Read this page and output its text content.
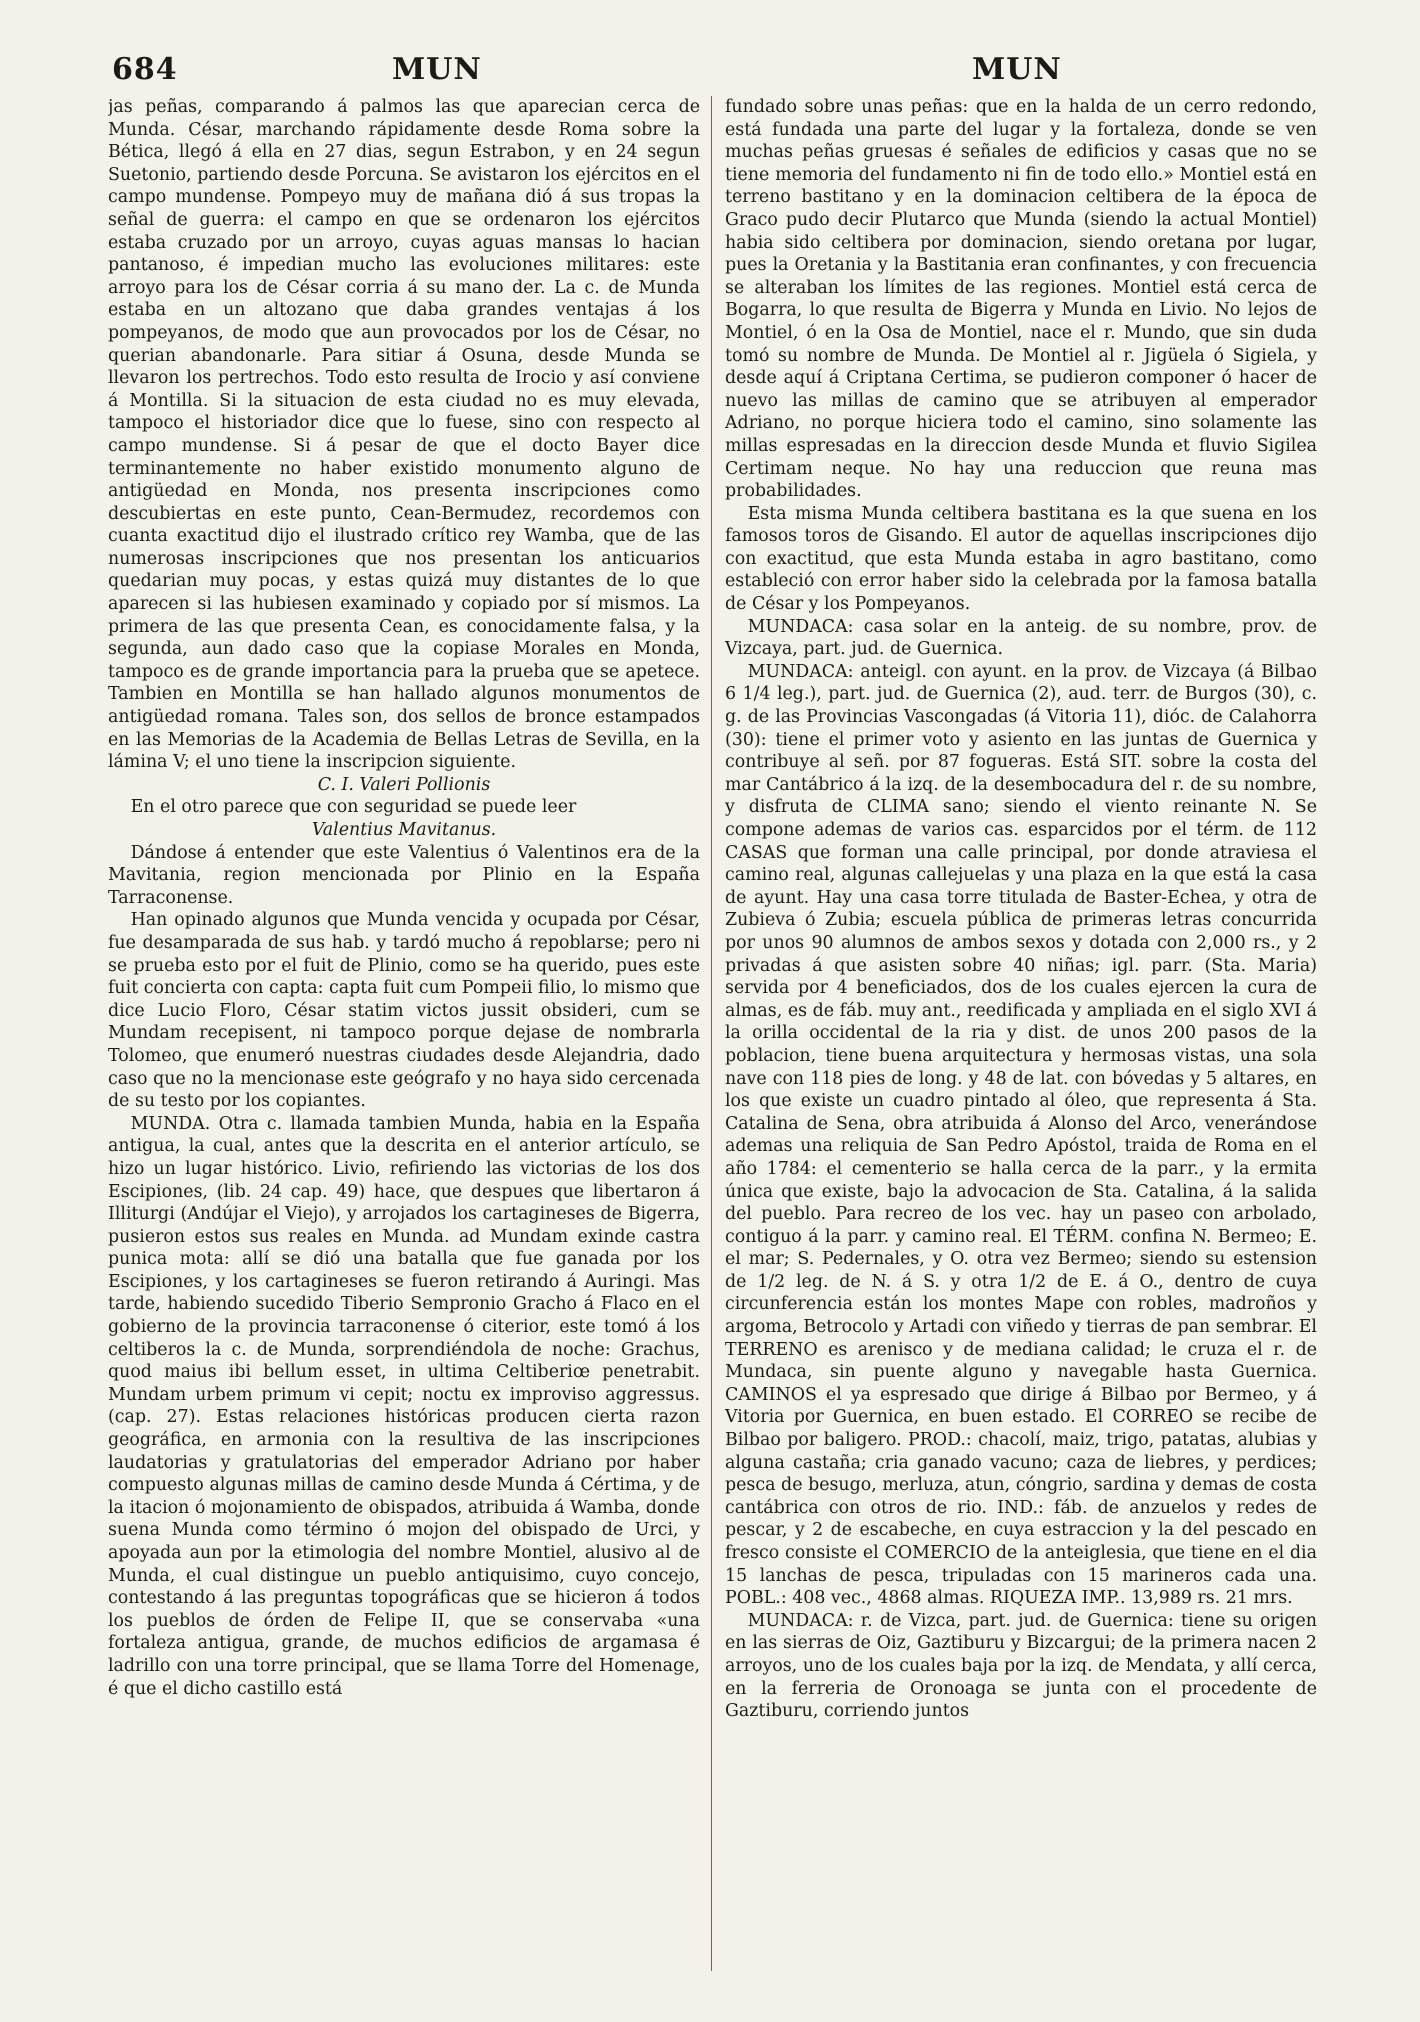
684	MUN	MUN

jas peñas, comparando á palmos las que aparecian cerca de Munda. César, marchando rápidamente desde Roma sobre la Bética, llegó á ella en 27 dias, segun Estrabon, y en 24 segun Suetonio, partiendo desde Porcuna. Se avistaron los ejércitos en el campo mundense. Pompeyo muy de mañana dió á sus tropas la señal de guerra: el campo en que se ordenaron los ejércitos estaba cruzado por un arroyo, cuyas aguas mansas lo hacian pantanoso, é impedian mucho las evoluciones militares: este arroyo para los de César corria á su mano der. La c. de Munda estaba en un altozano que daba grandes ventajas á los pompeyanos, de modo que aun provocados por los de César, no querian abandonarle. Para sitiar á Osuna, desde Munda se llevaron los pertrechos. Todo esto resulta de Irocio y así conviene á Montilla. Si la situacion de esta ciudad no es muy elevada, tampoco el historiador dice que lo fuese, sino con respecto al campo mundense. Si á pesar de que el docto Bayer dice terminantemente no haber existido monumento alguno de antigüedad en Monda, nos presenta inscripciones como descubiertas en este punto, Cean-Bermudez, recordemos con cuanta exactitud dijo el ilustrado crítico rey Wamba, que de las numerosas inscripciones que nos presentan los anticuarios quedarian muy pocas, y estas quizá muy distantes de lo que aparecen si las hubiesen examinado y copiado por sí mismos. La primera de las que presenta Cean, es conocidamente falsa, y la segunda, aun dado caso que la copiase Morales en Monda, tampoco es de grande importancia para la prueba que se apetece. Tambien en Montilla se han hallado algunos monumentos de antigüedad romana. Tales son, dos sellos de bronce estampados en las Memorias de la Academia de Bellas Letras de Sevilla, en la lámina V; el uno tiene la inscripcion siguiente.

C. I. Valeri Pollionis

En el otro parece que con seguridad se puede leer

Valentius Mavitanus.

Dándose á entender que este Valentius ó Valentinos era de la Mavitania, region mencionada por Plinio en la España Tarraconense.

Han opinado algunos que Munda vencida y ocupada por César, fue desamparada de sus hab. y tardó mucho á repoblarse; pero ni se prueba esto por el fuit de Plinio, como se ha querido, pues este fuit concierta con capta: capta fuit cum Pompeii filio, lo mismo que dice Lucio Floro, César statim victos jussit obsideri, cum se Mundam recepisent, ni tampoco porque dejase de nombrarla Tolomeo, que enumeró nuestras ciudades desde Alejandria, dado caso que no la mencionase este geógrafo y no haya sido cercenada de su testo por los copiantes.

MUNDA. Otra c. llamada tambien Munda, habia en la España antigua, la cual, antes que la descrita en el anterior artículo, se hizo un lugar histórico. Livio, refiriendo las victorias de los dos Escipiones, (lib. 24 cap. 49) hace, que despues que libertaron á Illiturgi (Andújar el Viejo), y arrojados los cartagineses de Bigerra, pusieron estos sus reales en Munda. ad Mundam exinde castra punica mota: allí se dió una batalla que fue ganada por los Escipiones, y los cartagineses se fueron retirando á Auringi. Mas tarde, habiendo sucedido Tiberio Sempronio Gracho á Flaco en el gobierno de la provincia tarraconense ó citerior, este tomó á los celtiberos la c. de Munda, sorprendiéndola de noche: Grachus, quod maius ibi bellum esset, in ultima Celtiberiœ penetrabit. Mundam urbem primum vi cepit; noctu ex improviso aggressus. (cap. 27). Estas relaciones históricas producen cierta razon geográfica, en armonia con la resultiva de las inscripciones laudatorias y gratulatorias del emperador Adriano por haber compuesto algunas millas de camino desde Munda á Cértima, y de la itacion ó mojonamiento de obispados, atribuida á Wamba, donde suena Munda como término ó mojon del obispado de Urci, y apoyada aun por la etimologia del nombre Montiel, alusivo al de Munda, el cual distingue un pueblo antiquisimo, cuyo concejo, contestando á las preguntas topográficas que se hicieron á todos los pueblos de órden de Felipe II, que se conservaba «una fortaleza antigua, grande, de muchos edificios de argamasa é ladrillo con una torre principal, que se llama Torre del Homenage, é que el dicho castillo está

fundado sobre unas peñas: que en la halda de un cerro redondo, está fundada una parte del lugar y la fortaleza, donde se ven muchas peñas gruesas é señales de edificios y casas que no se tiene memoria del fundamento ni fin de todo ello.» Montiel está en terreno bastitano y en la dominacion celtibera de la época de Graco pudo decir Plutarco que Munda (siendo la actual Montiel) habia sido celtibera por dominacion, siendo oretana por lugar, pues la Oretania y la Bastitania eran confinantes, y con frecuencia se alteraban los límites de las regiones. Montiel está cerca de Bogarra, lo que resulta de Bigerra y Munda en Livio. No lejos de Montiel, ó en la Osa de Montiel, nace el r. Mundo, que sin duda tomó su nombre de Munda. De Montiel al r. Jigüela ó Sigiela, y desde aquí á Criptana Certima, se pudieron componer ó hacer de nuevo las millas de camino que se atribuyen al emperador Adriano, no porque hiciera todo el camino, sino solamente las millas espresadas en la direccion desde Munda et fluvio Sigilea Certimam neque. No hay una reduccion que reuna mas probabilidades.

Esta misma Munda celtibera bastitana es la que suena en los famosos toros de Gisando. El autor de aquellas inscripciones dijo con exactitud, que esta Munda estaba in agro bastitano, como estableció con error haber sido la celebrada por la famosa batalla de César y los Pompeyanos.

MUNDACA: casa solar en la anteig. de su nombre, prov. de Vizcaya, part. jud. de Guernica.

MUNDACA: anteigl. con ayunt. en la prov. de Vizcaya (á Bilbao 6 1/4 leg.), part. jud. de Guernica (2), aud. terr. de Burgos (30), c. g. de las Provincias Vascongadas (á Vitoria 11), dióc. de Calahorra (30): tiene el primer voto y asiento en las juntas de Guernica y contribuye al señ. por 87 fogueras. Está SIT. sobre la costa del mar Cantábrico á la izq. de la desembocadura del r. de su nombre, y disfruta de CLIMA sano; siendo el viento reinante N. Se compone ademas de varios cas. esparcidos por el térm. de 112 CASAS que forman una calle principal, por donde atraviesa el camino real, algunas callejuelas y una plaza en la que está la casa de ayunt. Hay una casa torre titulada de Baster-Echea, y otra de Zubieva ó Zubia; escuela pública de primeras letras concurrida por unos 90 alumnos de ambos sexos y dotada con 2,000 rs., y 2 privadas á que asisten sobre 40 niñas; igl. parr. (Sta. Maria) servida por 4 beneficiados, dos de los cuales ejercen la cura de almas, es de fáb. muy ant., reedificada y ampliada en el siglo XVI á la orilla occidental de la ria y dist. de unos 200 pasos de la poblacion, tiene buena arquitectura y hermosas vistas, una sola nave con 118 pies de long. y 48 de lat. con bóvedas y 5 altares, en los que existe un cuadro pintado al óleo, que representa á Sta. Catalina de Sena, obra atribuida á Alonso del Arco, venerándose ademas una reliquia de San Pedro Apóstol, traida de Roma en el año 1784: el cementerio se halla cerca de la parr., y la ermita única que existe, bajo la advocacion de Sta. Catalina, á la salida del pueblo. Para recreo de los vec. hay un paseo con arbolado, contiguo á la parr. y camino real. El TÉRM. confina N. Bermeo; E. el mar; S. Pedernales, y O. otra vez Bermeo; siendo su estension de 1/2 leg. de N. á S. y otra 1/2 de E. á O., dentro de cuya circunferencia están los montes Mape con robles, madroños y argoma, Betrocolo y Artadi con viñedo y tierras de pan sembrar. El TERRENO es arenisco y de mediana calidad; le cruza el r. de Mundaca, sin puente alguno y navegable hasta Guernica. CAMINOS el ya espresado que dirige á Bilbao por Bermeo, y á Vitoria por Guernica, en buen estado. El CORREO se recibe de Bilbao por baligero. PROD.: chacolí, maiz, trigo, patatas, alubias y alguna castaña; cria ganado vacuno; caza de liebres, y perdices; pesca de besugo, merluza, atun, cóngrio, sardina y demas de costa cantábrica con otros de rio. IND.: fáb. de anzuelos y redes de pescar, y 2 de escabeche, en cuya estraccion y la del pescado en fresco consiste el COMERCIO de la anteiglesia, que tiene en el dia 15 lanchas de pesca, tripuladas con 15 marineros cada una. POBL.: 408 vec., 4868 almas. RIQUEZA IMP.. 13,989 rs. 21 mrs.

MUNDACA: r. de Vizca, part. jud. de Guernica: tiene su origen en las sierras de Oiz, Gaztiburu y Bizcargui; de la primera nacen 2 arroyos, uno de los cuales baja por la izq. de Mendata, y allí cerca, en la ferreria de Oronoaga se junta con el procedente de Gaztiburu, corriendo juntos
